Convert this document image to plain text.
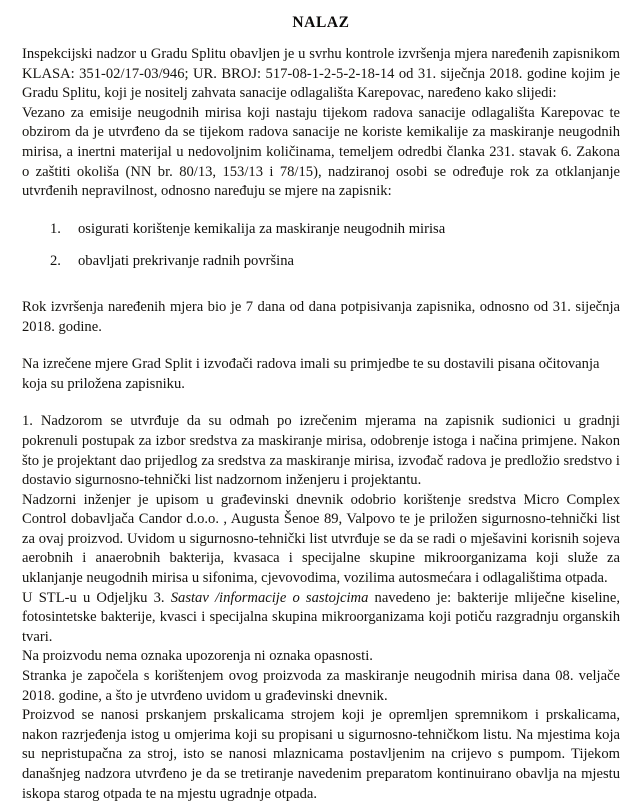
NALAZ

Inspekcijski nadzor u Gradu Splitu obavljen je u svrhu kontrole izvršenja mjera naređenih zapisnikom KLASA: 351-02/17-03/946; UR. BROJ: 517-08-1-2-5-2-18-14 od 31. siječnja 2018. godine kojim je Gradu Splitu, koji je nositelj zahvata sanacije odlagališta Karepovac, naređeno kako slijedi:

Vezano za emisije neugodnih mirisa koji nastaju tijekom radova sanacije odlagališta Karepovac te obzirom da je utvrđeno da se tijekom radova sanacije ne koriste kemikalije za maskiranje neugodnih mirisa, a inertni materijal u nedovoljnim količinama, temeljem odredbi članka 231. stavak 6. Zakona o zaštiti okoliša (NN br. 80/13, 153/13 i 78/15), nadziranoj osobi se određuje rok za otklanjanje utvrđenih nepravilnost, odnosno naređuju se mjere na zapisnik:

1. osigurati korištenje kemikalija za maskiranje neugodnih mirisa
2. obavljati prekrivanje radnih površina

Rok izvršenja naređenih mjera bio je 7 dana od dana potpisivanja zapisnika, odnosno od 31. siječnja 2018. godine.

Na izrečene mjere Grad Split i izvođači radova imali su primjedbe te su dostavili pisana očitovanja koja su priložena zapisniku.

1. Nadzorom se utvrđuje da su odmah po izrečenim mjerama na zapisnik sudionici u gradnji pokrenuli postupak za izbor sredstva za maskiranje mirisa, odobrenje istoga i načina primjene. Nakon što je projektant dao prijedlog za sredstva za maskiranje mirisa, izvođač radova je predložio sredstvo i dostavio sigurnosno-tehnički list nadzornom inženjeru i projektantu.

Nadzorni inženjer je upisom u građevinski dnevnik odobrio korištenje sredstva Micro Complex Control dobavljača Candor d.o.o. , Augusta Šenoe 89, Valpovo te je priložen sigurnosno-tehnički list za ovaj proizvod. Uvidom u sigurnosno-tehnički list utvrđuje se da se radi o mješavini korisnih sojeva aerobnih i anaerobnih bakterija, kvasaca i specijalne skupine mikroorganizama koji služe za uklanjanje neugodnih mirisa u sifonima, cjevovodima, vozilima autosmećara i odlagalištima otpada.

U STL-u u Odjeljku 3. Sastav /informacije o sastojcima navedeno je: bakterije mliječne kiseline, fotosintetske bakterije, kvasci i specijalna skupina mikroorganizama koji potiču razgradnju organskih tvari.

Na proizvodu nema oznaka upozorenja ni oznaka opasnosti.

Stranka je započela s korištenjem ovog proizvoda za maskiranje neugodnih mirisa dana 08. veljače 2018. godine, a što je utvrđeno uvidom u građevinski dnevnik.

Proizvod se nanosi prskanjem prskalicama strojem koji je opremljen spremnikom i prskalicama, nakon razrjeđenja istog u omjerima koji su propisani u sigurnosno-tehničkom listu. Na mjestima koja su nepristupačna za stroj, isto se nanosi mlaznicama postavljenim na crijevo s pumpom. Tijekom današnjeg nadzora utvrđeno je da se tretiranje navedenim preparatom kontinuirano obavlja na mjestu iskopa starog otpada te na mjestu ugradnje otpada.
